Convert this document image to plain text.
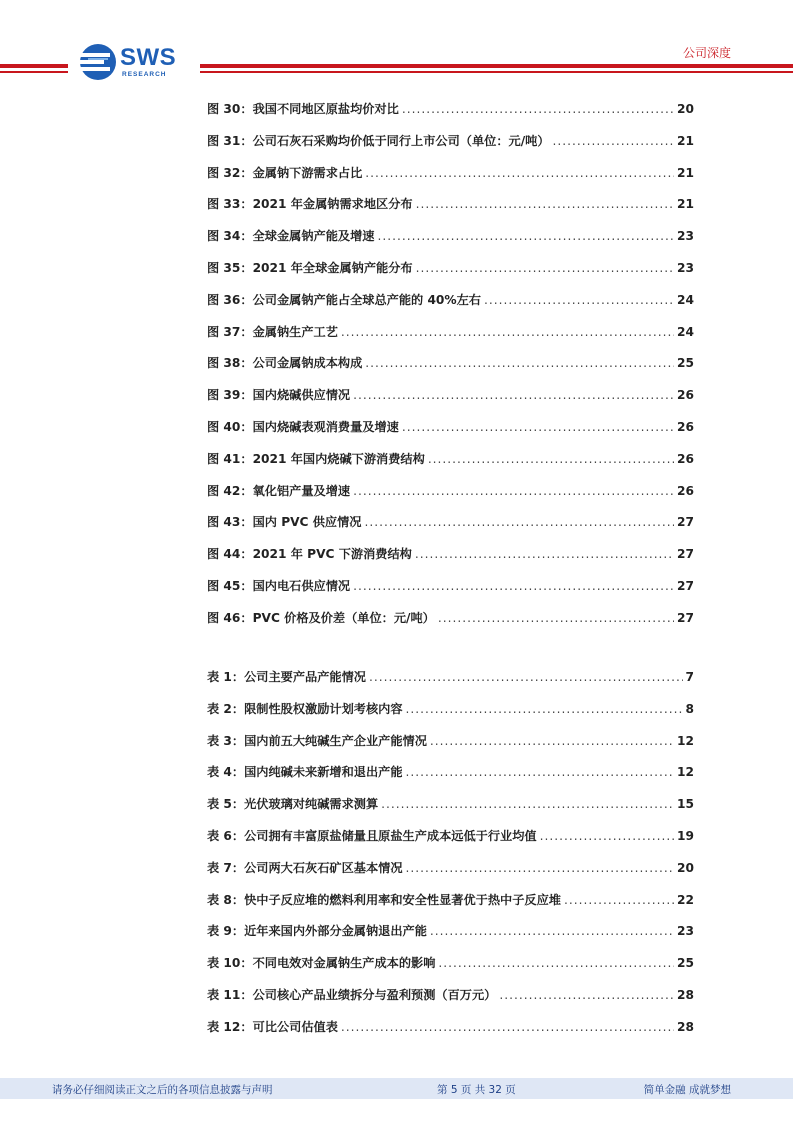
SWS
RESEARCH
公司深度
图 30：我国不同地区原盐均价对比 .....	20
图 31：公司石灰石采购均价低于同行上市公司（单位：元/吨） .....	21
图 32：金属钠下游需求占比 .....	21
图 33：2021 年金属钠需求地区分布 .....	21
图 34：全球金属钠产能及增速 .....	23
图 35：2021 年全球金属钠产能分布 .....	23
图 36：公司金属钠产能占全球总产能的 40%左右 .....	24
图 37：金属钠生产工艺 .....	24
图 38：公司金属钠成本构成 .....	25
图 39：国内烧碱供应情况 .....	26
图 40：国内烧碱表观消费量及增速 .....	26
图 41：2021 年国内烧碱下游消费结构 .....	26
图 42：氧化铝产量及增速 .....	26
图 43：国内 PVC 供应情况 .....	27
图 44：2021 年 PVC 下游消费结构 .....	27
图 45：国内电石供应情况 .....	27
图 46：PVC 价格及价差（单位：元/吨） .....	27
表 1：公司主要产品产能情况 .....	7
表 2：限制性股权激励计划考核内容 .....	8
表 3：国内前五大纯碱生产企业产能情况 .....	12
表 4：国内纯碱未来新增和退出产能 .....	12
表 5：光伏玻璃对纯碱需求测算 .....	15
表 6：公司拥有丰富原盐储量且原盐生产成本远低于行业均值 .....	19
表 7：公司两大石灰石矿区基本情况 .....	20
表 8：快中子反应堆的燃料利用率和安全性显著优于热中子反应堆 .....	22
表 9：近年来国内外部分金属钠退出产能 .....	23
表 10：不同电效对金属钠生产成本的影响 .....	25
表 11：公司核心产品业绩拆分与盈利预测（百万元） .....	28
表 12：可比公司估值表 .....	28
请务必仔细阅读正文之后的各项信息披露与声明	第 5 页 共 32 页	简单金融 成就梦想
